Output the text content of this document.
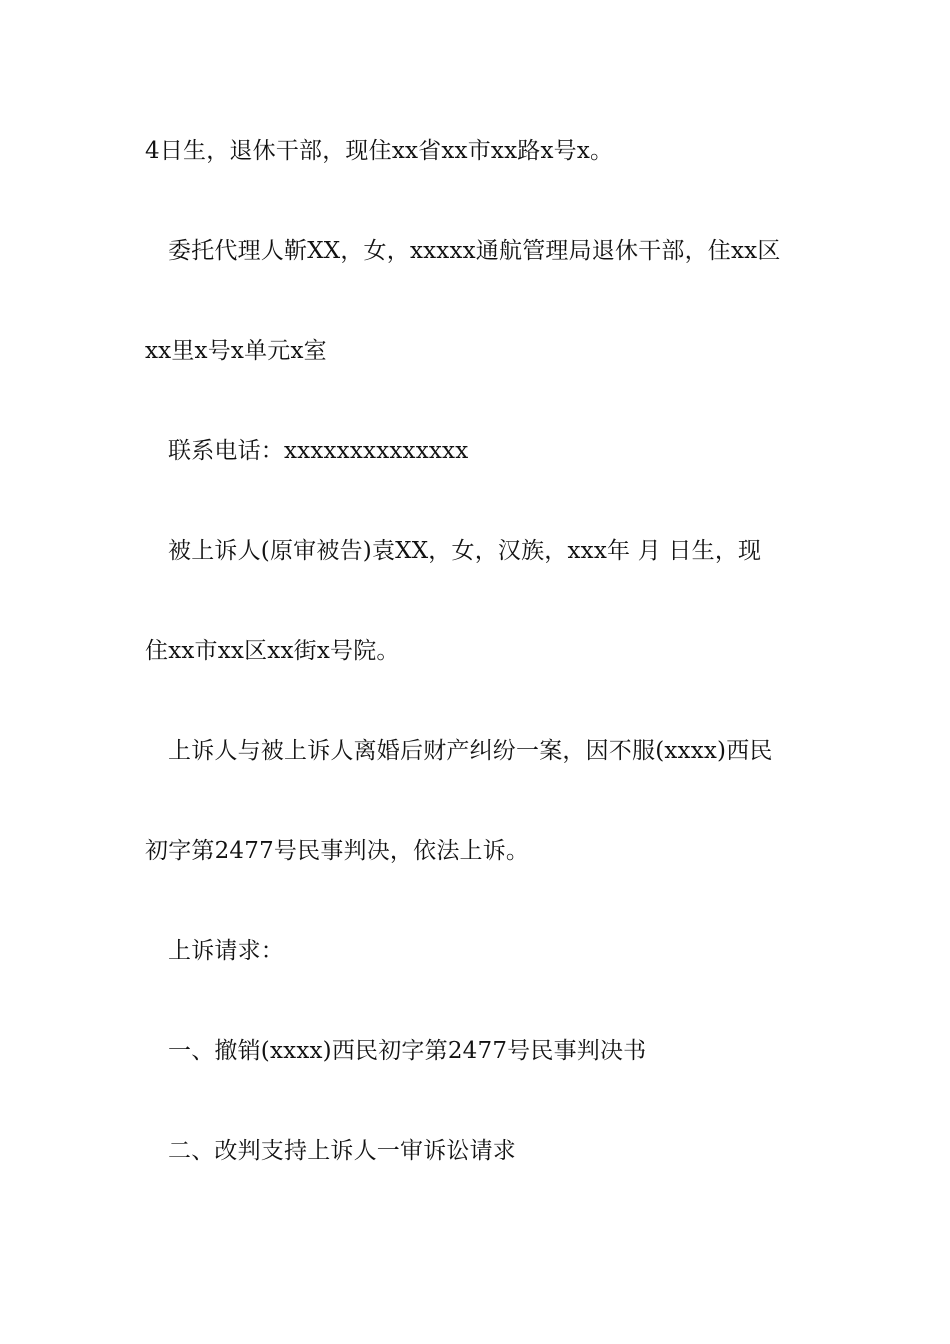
4日生，退休干部，现住xx省xx市xx路x号x。
委托代理人靳XX，女，xxxxx通航管理局退休干部，住xx区
xx里x号x单元x室
联系电话：xxxxxxxxxxxxxx
被上诉人(原审被告)袁XX，女，汉族，xxx年 月 日生，现
住xx市xx区xx街x号院。
上诉人与被上诉人离婚后财产纠纷一案，因不服(xxxx)西民
初字第2477号民事判决，依法上诉。
上诉请求：
一、撤销(xxxx)西民初字第2477号民事判决书
二、改判支持上诉人一审诉讼请求
